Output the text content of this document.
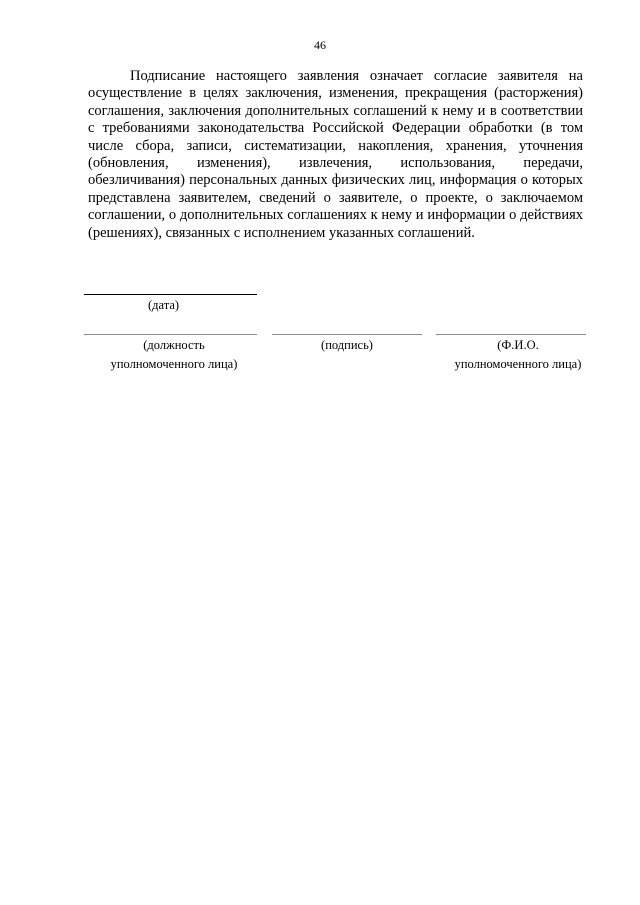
46

Подписание настоящего заявления означает согласие заявителя на осуществление в целях заключения, изменения, прекращения (расторжения) соглашения, заключения дополнительных соглашений к нему и в соответствии с требованиями законодательства Российской Федерации обработки (в том числе сбора, записи, систематизации, накопления, хранения, уточнения (обновления, изменения), извлечения, использования, передачи, обезличивания) персональных данных физических лиц, информация о которых представлена заявителем, сведений о заявителе, о проекте, о заключаемом соглашении, о дополнительных соглашениях к нему и информации о действиях (решениях), связанных с исполнением указанных соглашений.

(дата)
(должность
уполномоченного лица)
(подпись)	(Ф.И.О.
уполномоченного лица)
